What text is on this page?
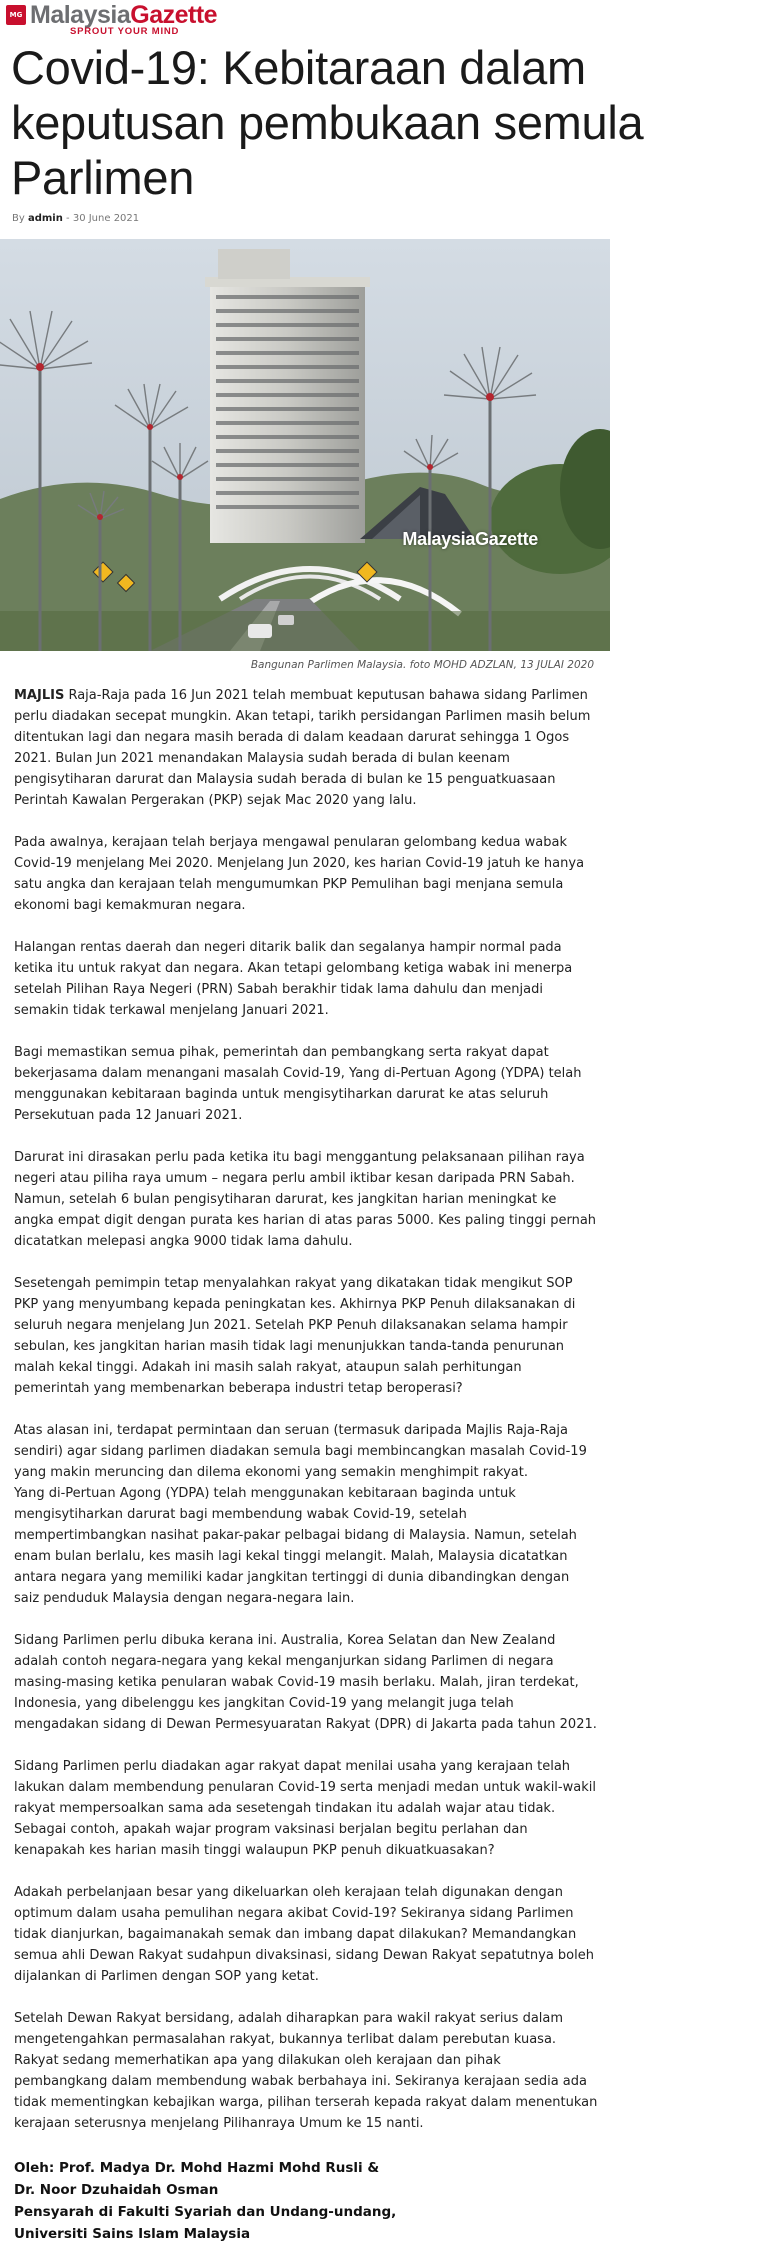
MG MalaysiaGazette
SPROUT YOUR MIND
Covid-19: Kebitaraan dalam keputusan pembukaan semula Parlimen
By admin - 30 June 2021
MalaysiaGazette
Bangunan Parlimen Malaysia. foto MOHD ADZLAN, 13 JULAI 2020

MAJLIS Raja-Raja pada 16 Jun 2021 telah membuat keputusan bahawa sidang Parlimen perlu diadakan secepat mungkin. Akan tetapi, tarikh persidangan Parlimen masih belum ditentukan lagi dan negara masih berada di dalam keadaan darurat sehingga 1 Ogos 2021. Bulan Jun 2021 menandakan Malaysia sudah berada di bulan keenam pengisytiharan darurat dan Malaysia sudah berada di bulan ke 15 penguatkuasaan Perintah Kawalan Pergerakan (PKP) sejak Mac 2020 yang lalu.

Pada awalnya, kerajaan telah berjaya mengawal penularan gelombang kedua wabak Covid-19 menjelang Mei 2020. Menjelang Jun 2020, kes harian Covid-19 jatuh ke hanya satu angka dan kerajaan telah mengumumkan PKP Pemulihan bagi menjana semula ekonomi bagi kemakmuran negara.

Halangan rentas daerah dan negeri ditarik balik dan segalanya hampir normal pada ketika itu untuk rakyat dan negara. Akan tetapi gelombang ketiga wabak ini menerpa setelah Pilihan Raya Negeri (PRN) Sabah berakhir tidak lama dahulu dan menjadi semakin tidak terkawal menjelang Januari 2021.

Bagi memastikan semua pihak, pemerintah dan pembangkang serta rakyat dapat bekerjasama dalam menangani masalah Covid-19, Yang di-Pertuan Agong (YDPA) telah menggunakan kebitaraan baginda untuk mengisytiharkan darurat ke atas seluruh Persekutuan pada 12 Januari 2021.

Darurat ini dirasakan perlu pada ketika itu bagi menggantung pelaksanaan pilihan raya negeri atau piliha raya umum – negara perlu ambil iktibar kesan daripada PRN Sabah. Namun, setelah 6 bulan pengisytiharan darurat, kes jangkitan harian meningkat ke angka empat digit dengan purata kes harian di atas paras 5000. Kes paling tinggi pernah dicatatkan melepasi angka 9000 tidak lama dahulu.

Sesetengah pemimpin tetap menyalahkan rakyat yang dikatakan tidak mengikut SOP PKP yang menyumbang kepada peningkatan kes. Akhirnya PKP Penuh dilaksanakan di seluruh negara menjelang Jun 2021. Setelah PKP Penuh dilaksanakan selama hampir sebulan, kes jangkitan harian masih tidak lagi menunjukkan tanda-tanda penurunan malah kekal tinggi. Adakah ini masih salah rakyat, ataupun salah perhitungan pemerintah yang membenarkan beberapa industri tetap beroperasi?

Atas alasan ini, terdapat permintaan dan seruan (termasuk daripada Majlis Raja-Raja sendiri) agar sidang parlimen diadakan semula bagi membincangkan masalah Covid-19 yang makin meruncing dan dilema ekonomi yang semakin menghimpit rakyat.

Yang di-Pertuan Agong (YDPA) telah menggunakan kebitaraan baginda untuk mengisytiharkan darurat bagi membendung wabak Covid-19, setelah mempertimbangkan nasihat pakar-pakar pelbagai bidang di Malaysia. Namun, setelah enam bulan berlalu, kes masih lagi kekal tinggi melangit. Malah, Malaysia dicatatkan antara negara yang memiliki kadar jangkitan tertinggi di dunia dibandingkan dengan saiz penduduk Malaysia dengan negara-negara lain.

Sidang Parlimen perlu dibuka kerana ini. Australia, Korea Selatan dan New Zealand adalah contoh negara-negara yang kekal menganjurkan sidang Parlimen di negara masing-masing ketika penularan wabak Covid-19 masih berlaku. Malah, jiran terdekat, Indonesia, yang dibelenggu kes jangkitan Covid-19 yang melangit juga telah mengadakan sidang di Dewan Permesyuaratan Rakyat (DPR) di Jakarta pada tahun 2021.

Sidang Parlimen perlu diadakan agar rakyat dapat menilai usaha yang kerajaan telah lakukan dalam membendung penularan Covid-19 serta menjadi medan untuk wakil-wakil rakyat mempersoalkan sama ada sesetengah tindakan itu adalah wajar atau tidak. Sebagai contoh, apakah wajar program vaksinasi berjalan begitu perlahan dan kenapakah kes harian masih tinggi walaupun PKP penuh dikuatkuasakan?

Adakah perbelanjaan besar yang dikeluarkan oleh kerajaan telah digunakan dengan optimum dalam usaha pemulihan negara akibat Covid-19? Sekiranya sidang Parlimen tidak dianjurkan, bagaimanakah semak dan imbang dapat dilakukan? Memandangkan semua ahli Dewan Rakyat sudahpun divaksinasi, sidang Dewan Rakyat sepatutnya boleh dijalankan di Parlimen dengan SOP yang ketat.

Setelah Dewan Rakyat bersidang, adalah diharapkan para wakil rakyat serius dalam mengetengahkan permasalahan rakyat, bukannya terlibat dalam perebutan kuasa. Rakyat sedang memerhatikan apa yang dilakukan oleh kerajaan dan pihak pembangkang dalam membendung wabak berbahaya ini. Sekiranya kerajaan sedia ada tidak mementingkan kebajikan warga, pilihan terserah kepada rakyat dalam menentukan kerajaan seterusnya menjelang Pilihanraya Umum ke 15 nanti.

Oleh: Prof. Madya Dr. Mohd Hazmi Mohd Rusli &
Dr. Noor Dzuhaidah Osman
Pensyarah di Fakulti Syariah dan Undang-undang,
Universiti Sains Islam Malaysia
